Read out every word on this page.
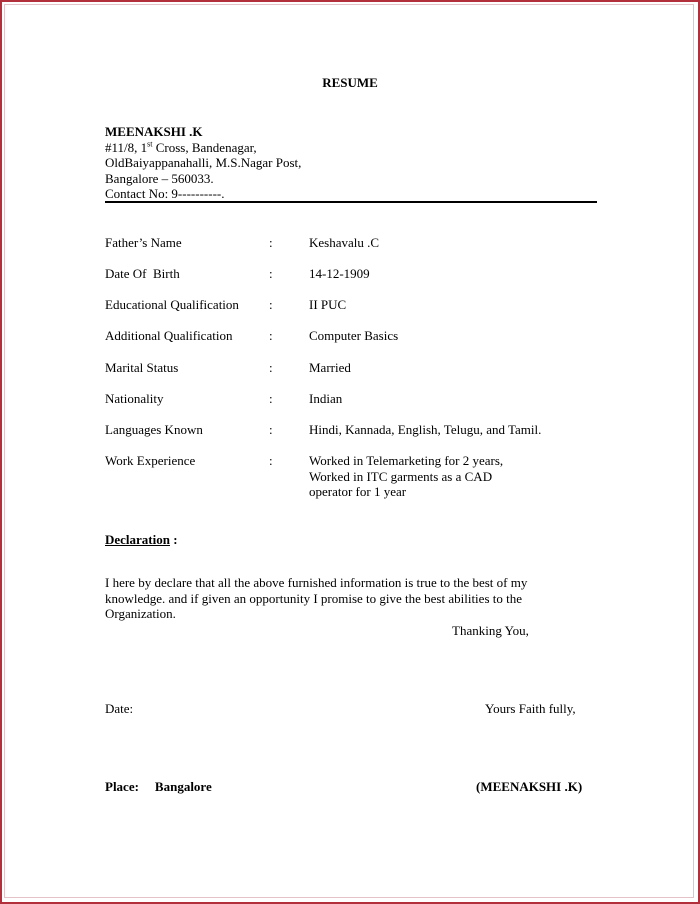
RESUME
MEENAKSHI .K
#11/8, 1st Cross, Bandenagar,
OldBaiyappanahalli, M.S.Nagar Post,
Bangalore – 560033.
Contact No: 9----------.
Father’s Name	:	Keshavalu .C
Date Of  Birth	:	14-12-1909
Educational Qualification :	II PUC
Additional Qualification	:	Computer Basics
Marital Status	:	Married
Nationality	:	Indian
Languages Known	:	Hindi, Kannada, English, Telugu, and Tamil.
Work Experience	:	Worked in Telemarketing for 2 years,
Worked in ITC garments as a CAD
operator for 1 year
Declaration :
I here by declare that all the above furnished information is true to the best of my
knowledge. and if given an opportunity I promise to give the best abilities to the
Organization.
Thanking You,
Date:	Yours Faith fully,
Place: Bangalore	(MEENAKSHI .K)
